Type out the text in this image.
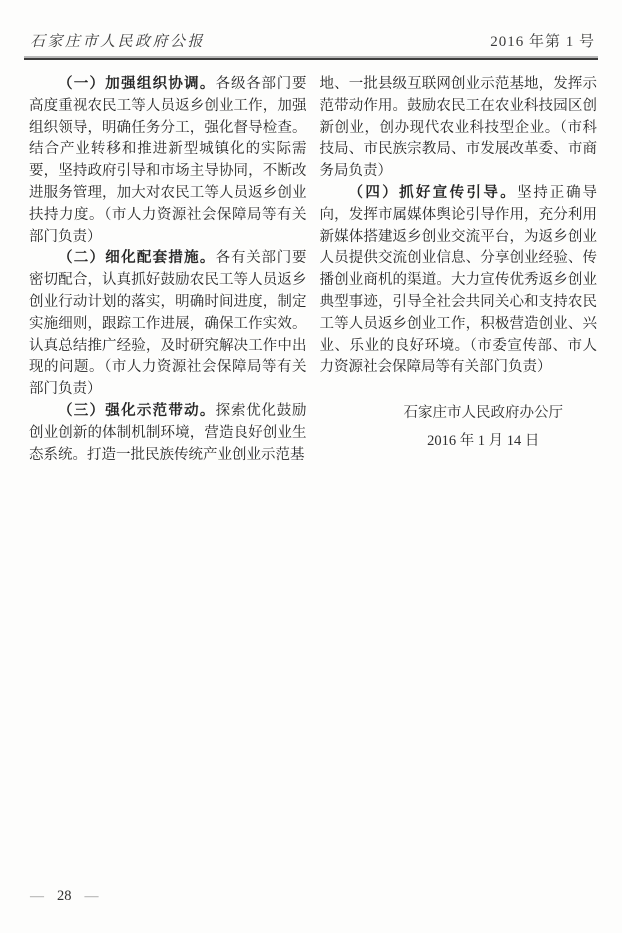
石家庄市人民政府公报	2016 年第 1 号

（一）加强组织协调。各级各部门要高度重视农民工等人员返乡创业工作，加强组织领导，明确任务分工，强化督导检查。结合产业转移和推进新型城镇化的实际需要，坚持政府引导和市场主导协同，不断改进服务管理，加大对农民工等人员返乡创业扶持力度。（市人力资源社会保障局等有关部门负责）

（二）细化配套措施。各有关部门要密切配合，认真抓好鼓励农民工等人员返乡创业行动计划的落实，明确时间进度，制定实施细则，跟踪工作进展，确保工作实效。认真总结推广经验，及时研究解决工作中出现的问题。（市人力资源社会保障局等有关部门负责）

（三）强化示范带动。探索优化鼓励创业创新的体制机制环境，营造良好创业生态系统。打造一批民族传统产业创业示范基

地、一批县级互联网创业示范基地，发挥示范带动作用。鼓励农民工在农业科技园区创新创业，创办现代农业科技型企业。（市科技局、市民族宗教局、市发展改革委、市商务局负责）

（四）抓好宣传引导。坚持正确导向，发挥市属媒体舆论引导作用，充分利用新媒体搭建返乡创业交流平台，为返乡创业人员提供交流创业信息、分享创业经验、传播创业商机的渠道。大力宣传优秀返乡创业典型事迹，引导全社会共同关心和支持农民工等人员返乡创业工作，积极营造创业、兴业、乐业的良好环境。（市委宣传部、市人力资源社会保障局等有关部门负责）

石家庄市人民政府办公厅
2016 年 1 月 14 日
— 28 —
